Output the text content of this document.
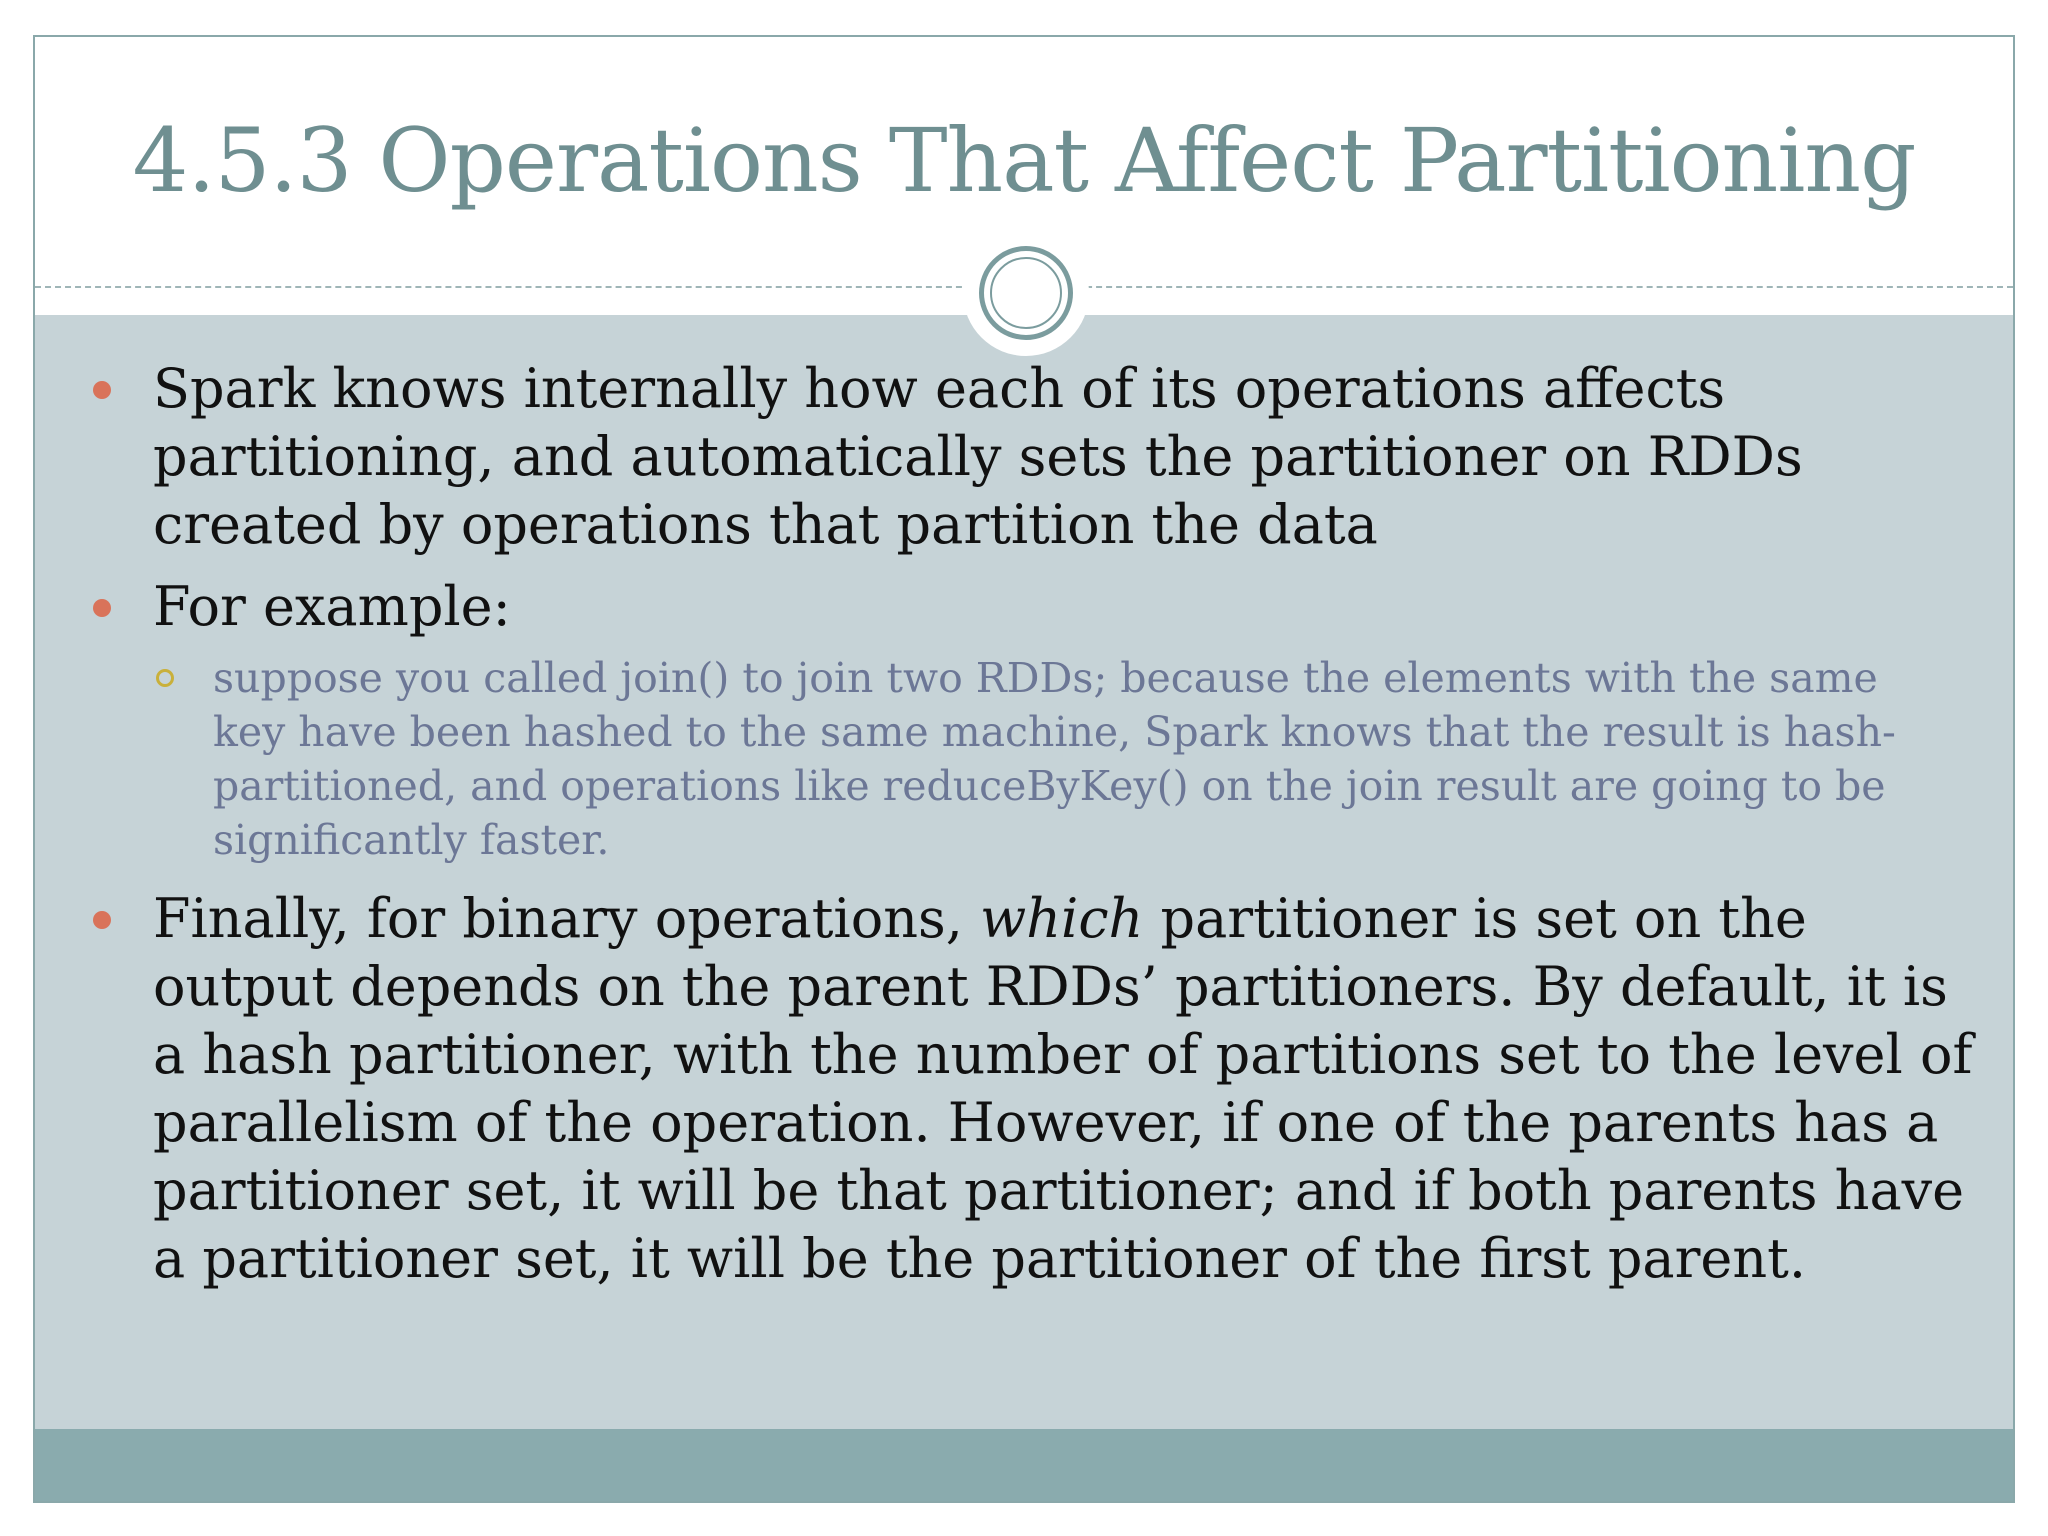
4.5.3 Operations That Affect Partitioning
Spark knows internally how each of its operations affects partitioning, and automatically sets the partitioner on RDDs created by operations that partition the data
For example:
suppose you called join() to join two RDDs; because the elements with the same key have been hashed to the same machine, Spark knows that the result is hash-partitioned, and operations like reduceByKey() on the join result are going to be significantly faster.
Finally, for binary operations, which partitioner is set on the output depends on the parent RDDs’ partitioners. By default, it is a hash partitioner, with the number of partitions set to the level of parallelism of the operation. However, if one of the parents has a partitioner set, it will be that partitioner; and if both parents have a partitioner set, it will be the partitioner of the first parent.
